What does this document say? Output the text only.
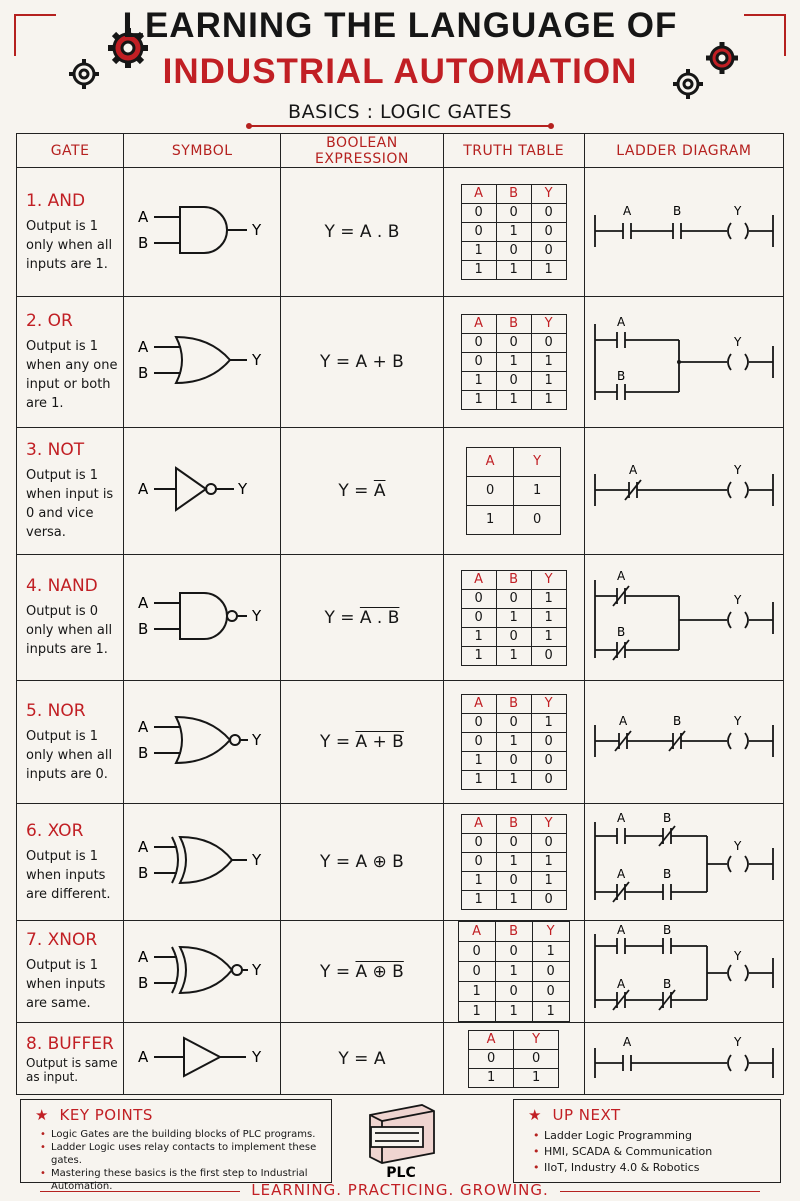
LEARNING THE LANGUAGE OF
INDUSTRIAL AUTOMATION
BASICS : LOGIC GATES
GATE	SYMBOL	BOOLEAN EXPRESSION	TRUTH TABLE	LADDER DIAGRAM

1. AND
Output is 1 only when all inputs are 1.

A
B
Y	Y = A . B	
A	B	Y
0	0	0
0	1	0
1	0	0
1	1	1

A	B	Y

2. OR
Output is 1 when any one input or both are 1.

A
B
Y	Y = A + B	
A	B	Y
0	0	0
0	1	1
1	0	1
1	1	1

A
B
Y

3. NOT
Output is 1 when input is 0 and vice versa.

A	Y	$Y = \overline{A}$	
A	Y
0	1
1	0

A	Y

4. NAND
Output is 0 only when all inputs are 1.

A
B
Y	Y = A . B	
A	B	Y
0	0	1
0	1	1
1	0	1
1	1	0

A
B
Y

5. NOR
Output is 1 only when all inputs are 0.

A
B
Y	Y = A + B	
A	B	Y
0	0	1
0	1	0
1	0	0
1	1	0

A	B	Y

6. XOR
Output is 1 when inputs are different.

A
B
Y	Y = A ⊕ B	
A	B	Y
0	0	0
0	1	1
1	0	1
1	1	0

A	B
A	B
Y

7. XNOR
Output is 1 when inputs are same.

A
B
Y	Y = A ⊕ B	
A	B	Y
0	0	1
0	1	0
1	0	0
1	1	1

A	B
A	B
Y

8. BUFFER
Output is same as input.

A	Y	Y = A	
A	Y
0	0
1	1

A	Y
★ KEY POINTS
• Logic Gates are the building blocks of PLC programs.
• Ladder Logic uses relay contacts to implement these gates.
• Mastering these basics is the first step to Industrial Automation.
PLC
★ UP NEXT
• Ladder Logic Programming
• HMI, SCADA & Communication
• IIoT, Industry 4.0 & Robotics
LEARNING. PRACTICING. GROWING.
